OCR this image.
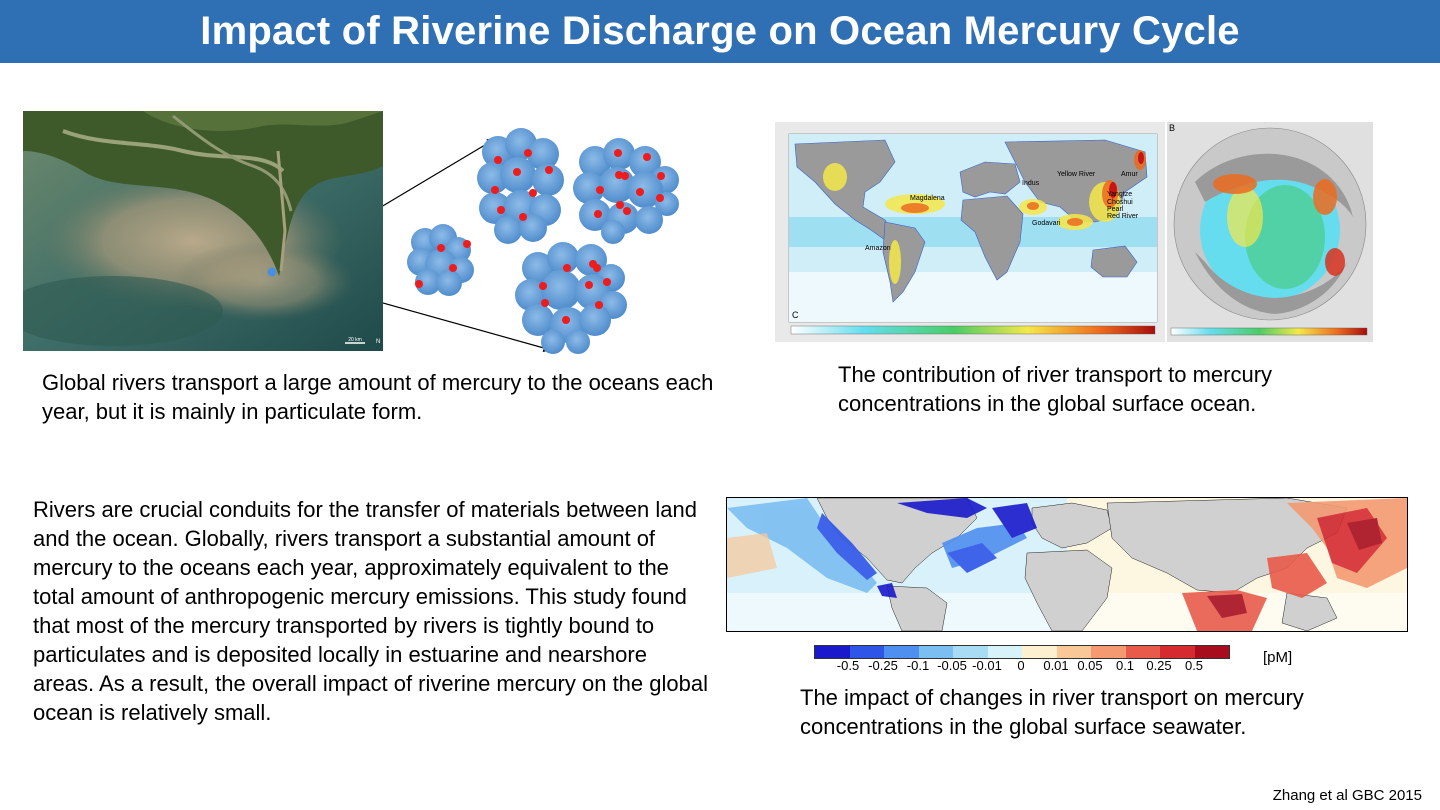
Impact of Riverine Discharge on Ocean Mercury Cycle
20 km N
C
Amur
Yellow River
Indus
Magdalena
Yangtze
Choshui
Pearl
Red River
Godavari
Amazon
B
Global rivers transport a large amount of mercury to the oceans each year, but it is mainly in particulate form.
The contribution of river transport to mercury concentrations in the global surface ocean.
Rivers are crucial conduits for the transfer of materials between land and the ocean. Globally, rivers transport a substantial amount of mercury to the oceans each year, approximately equivalent to the total amount of anthropogenic mercury emissions. This study found that most of the mercury transported by rivers is tightly bound to particulates and is deposited locally in estuarine and nearshore areas. As a result, the overall impact of riverine mercury on the global ocean is relatively small.
-0.5 -0.25 -0.1 -0.05 -0.01 0 0.01 0.05 0.1 0.25 0.5	[pM]
The impact of changes in river transport on mercury concentrations in the global surface seawater.
Zhang et al GBC 2015
